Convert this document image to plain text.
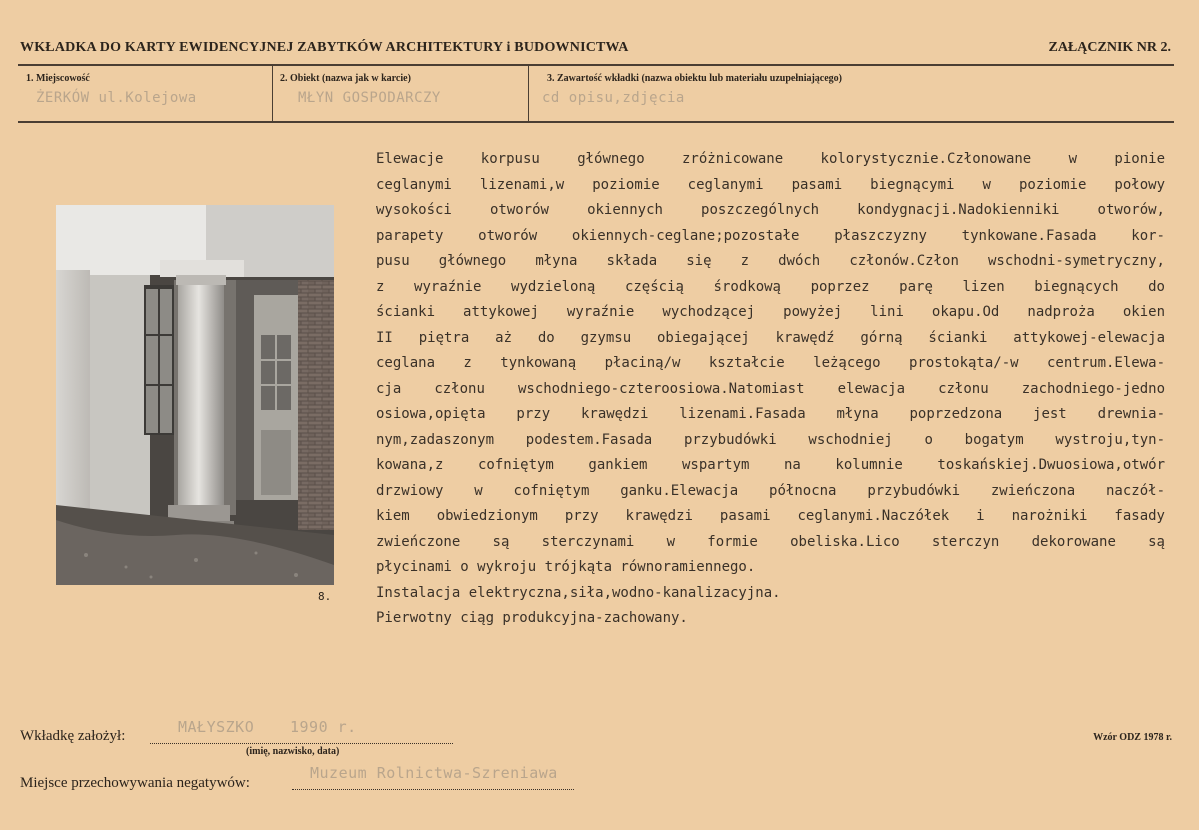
WKŁADKA DO KARTY EWIDENCYJNEJ ZABYTKÓW ARCHITEKTURY i BUDOWNICTWA	ZAŁĄCZNIK NR 2.
1. Miejscowość
ŻERKÓW ul.Kolejowa
2. Obiekt (nazwa jak w karcie)
MŁYN GOSPODARCZY
3. Zawartość wkładki (nazwa obiektu lub materiału uzupełniającego)
cd opisu,zdjęcia
8.
Elewacje korpusu głównego zróżnicowane kolorystycznie.Członowane w pionie
ceglanymi lizenami,w poziomie ceglanymi pasami biegnącymi w poziomie połowy
wysokości otworów okiennych poszczególnych kondygnacji.Nadokienniki otworów,
parapety otworów okiennych-ceglane;pozostałe płaszczyzny tynkowane.Fasada kor-
pusu głównego młyna składa się z dwóch członów.Człon wschodni-symetryczny,
z wyraźnie wydzieloną częścią środkową poprzez parę lizen biegnących do
ścianki attykowej wyraźnie wychodzącej powyżej lini okapu.Od nadproża okien
II piętra aż do gzymsu obiegającej krawędź górną ścianki attykowej-elewacja
ceglana z tynkowaną płaciną/w kształcie leżącego prostokąta/-w centrum.Elewa-
cja członu wschodniego-czteroosiowa.Natomiast elewacja członu zachodniego-jedno
osiowa,opięta przy krawędzi lizenami.Fasada młyna poprzedzona jest drewnia-
nym,zadaszonym podestem.Fasada przybudówki wschodniej o bogatym wystroju,tyn-
kowana,z cofniętym gankiem wspartym na kolumnie toskańskiej.Dwuosiowa,otwór
drzwiowy w cofniętym ganku.Elewacja północna przybudówki zwieńczona naczół-
kiem obwiedzionym przy krawędzi pasami ceglanymi.Naczółek i narożniki fasady
zwieńczone są sterczynami w formie obeliska.Lico sterczyn dekorowane są
płycinami o wykroju trójkąta równoramiennego.
Instalacja elektryczna,siła,wodno-kanalizacyjna.
Pierwotny ciąg produkcyjna-zachowany.
Wkładkę założył:	MAŁYSZKO 1990 r.
(imię, nazwisko, data)
Miejsce przechowywania negatywów:
Muzeum Rolnictwa-Szreniawa
Wzór ODZ 1978 r.
